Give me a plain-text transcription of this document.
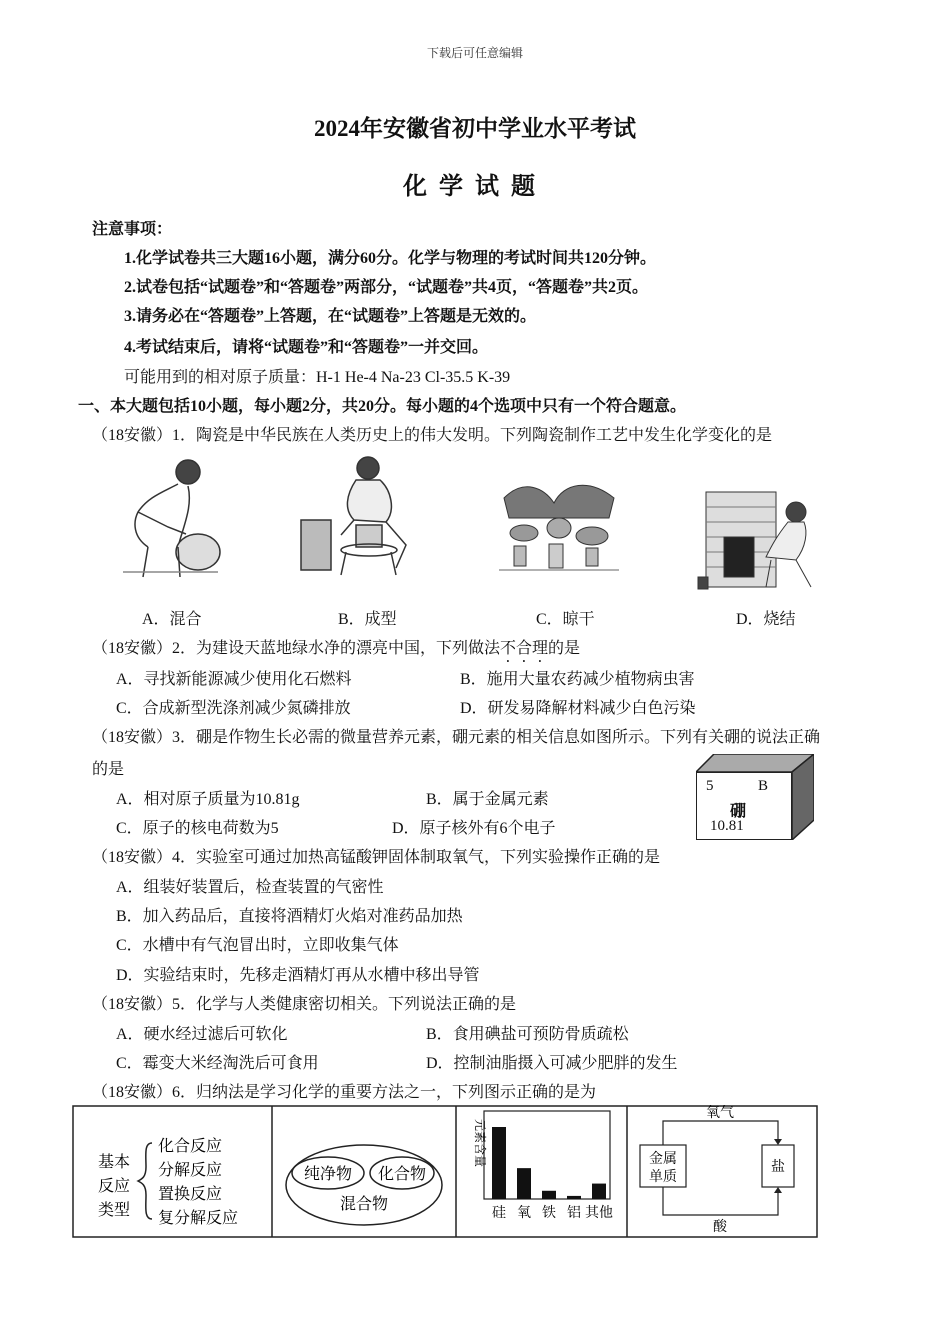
下载后可任意编辑
2024年安徽省初中学业水平考试
化学试题
注意事项：
1.化学试卷共三大题16小题，满分60分。化学与物理的考试时间共120分钟。
2.试卷包括“试题卷”和“答题卷”两部分，“试题卷”共4页，“答题卷”共2页。
3.请务必在“答题卷”上答题，在“试题卷”上答题是无效的。
4.考试结束后，请将“试题卷”和“答题卷”一并交回。
可能用到的相对原子质量：H-1 He-4 Na-23 Cl-35.5 K-39
一、本大题包括10小题，每小题2分，共20分。每小题的4个选项中只有一个符合题意。
（18安徽）1．陶瓷是中华民族在人类历史上的伟大发明。下列陶瓷制作工艺中发生化学变化的是
A．混合	B．成型	C．晾干	D．烧结
（18安徽）2．为建设天蓝地绿水净的漂亮中国，下列做法不合理的是
A．寻找新能源减少使用化石燃料	B．施用大量农药减少植物病虫害
C．合成新型洗涤剂减少氮磷排放	D．研发易降解材料减少白色污染
（18安徽）3．硼是作物生长必需的微量营养元素，硼元素的相关信息如图所示。下列有关硼的说法正确
的是
A．相对原子质量为10.81g	B．属于金属元素
C．原子的核电荷数为5	D．原子核外有6个电子
5	B
硼
10.81
（18安徽）4．实验室可通过加热高锰酸钾固体制取氧气，下列实验操作正确的是
A．组装好装置后，检查装置的气密性
B．加入药品后，直接将酒精灯火焰对准药品加热
C．水槽中有气泡冒出时，立即收集气体
D．实验结束时，先移走酒精灯再从水槽中移出导管
（18安徽）5．化学与人类健康密切相关。下列说法正确的是
A．硬水经过滤后可软化	B．食用碘盐可预防骨质疏松
C．霉变大米经淘洗后可食用	D．控制油脂摄入可减少肥胖的发生
（18安徽）6．归纳法是学习化学的重要方法之一，下列图示正确的是为
基本
反应
类型
化合反应
分解反应
置换反应
复分解反应
纯净物 化合物
混合物
元素含量
硅 氧 铁 铝 其他
金属
单质
盐
氧气
酸
